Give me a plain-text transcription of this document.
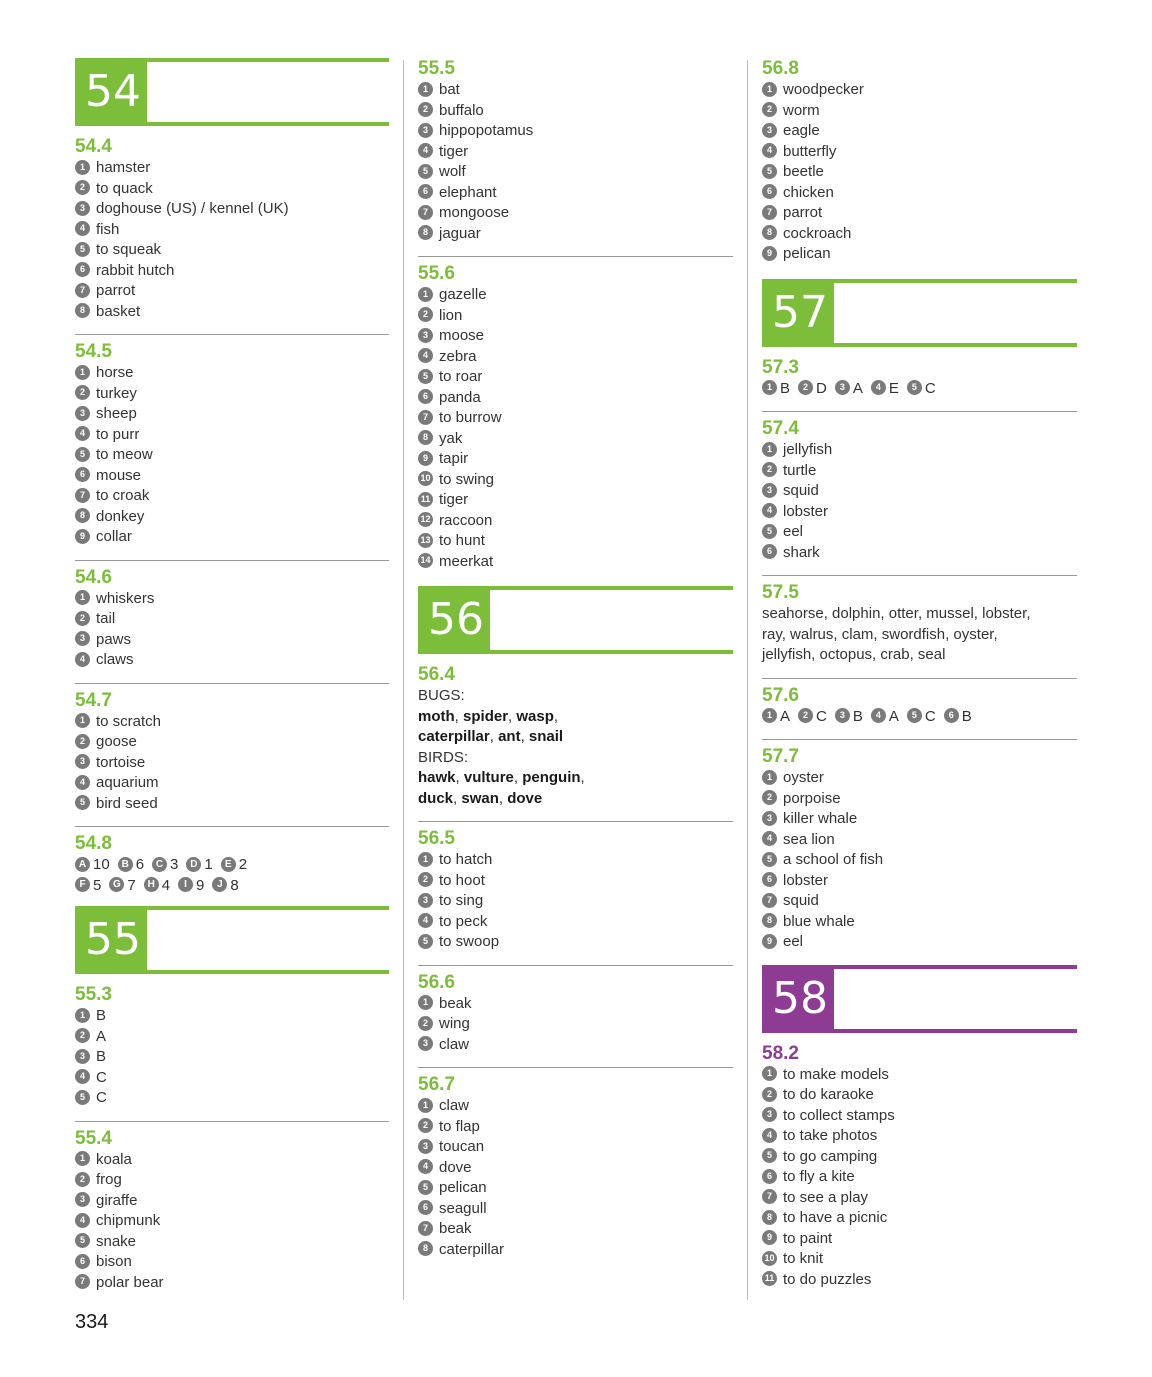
54
54.4
1 hamster
2 to quack
3 doghouse (US) / kennel (UK)
4 fish
5 to squeak
6 rabbit hutch
7 parrot
8 basket
54.5
1 horse
2 turkey
3 sheep
4 to purr
5 to meow
6 mouse
7 to croak
8 donkey
9 collar
54.6
1 whiskers
2 tail
3 paws
4 claws
54.7
1 to scratch
2 goose
3 tortoise
4 aquarium
5 bird seed
54.8
A 10 B 6 C 3 D 1 E 2
F 5 G 7 H 4 I 9 J 8
55
55.3
1 B
2 A
3 B
4 C
5 C
55.4
1 koala
2 frog
3 giraffe
4 chipmunk
5 snake
6 bison
7 polar bear
55.5
1 bat
2 buffalo
3 hippopotamus
4 tiger
5 wolf
6 elephant
7 mongoose
8 jaguar
55.6
1 gazelle
2 lion
3 moose
4 zebra
5 to roar
6 panda
7 to burrow
8 yak
9 tapir
10 to swing
11 tiger
12 raccoon
13 to hunt
14 meerkat
56
56.4
BUGS:
moth, spider, wasp,
caterpillar, ant, snail
BIRDS:
hawk, vulture, penguin,
duck, swan, dove
56.5
1 to hatch
2 to hoot
3 to sing
4 to peck
5 to swoop
56.6
1 beak
2 wing
3 claw
56.7
1 claw
2 to flap
3 toucan
4 dove
5 pelican
6 seagull
7 beak
8 caterpillar
56.8
1 woodpecker
2 worm
3 eagle
4 butterfly
5 beetle
6 chicken
7 parrot
8 cockroach
9 pelican
57
57.3
1 B 2 D 3 A 4 E 5 C
57.4
1 jellyfish
2 turtle
3 squid
4 lobster
5 eel
6 shark
57.5
seahorse, dolphin, otter, mussel, lobster,
ray, walrus, clam, swordfish, oyster,
jellyfish, octopus, crab, seal
57.6
1 A 2 C 3 B 4 A 5 C 6 B
57.7
1 oyster
2 porpoise
3 killer whale
4 sea lion
5 a school of fish
6 lobster
7 squid
8 blue whale
9 eel
58
58.2
1 to make models
2 to do karaoke
3 to collect stamps
4 to take photos
5 to go camping
6 to fly a kite
7 to see a play
8 to have a picnic
9 to paint
10 to knit
11 to do puzzles
334
